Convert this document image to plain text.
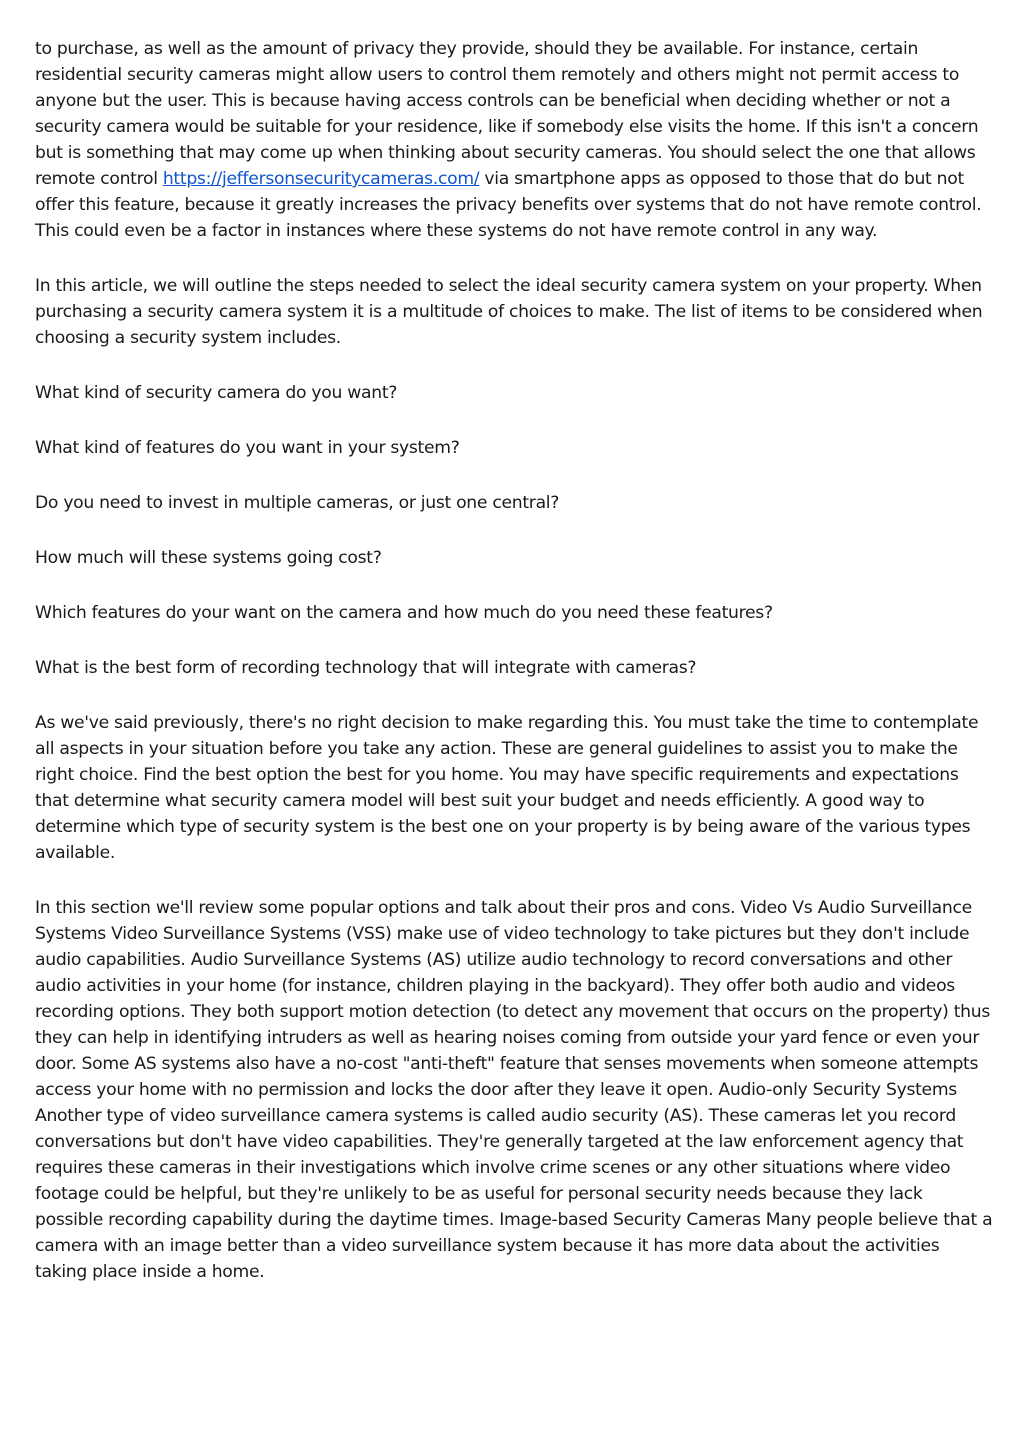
to purchase, as well as the amount of privacy they provide, should they be available. For instance, certain residential security cameras might allow users to control them remotely and others might not permit access to anyone but the user. This is because having access controls can be beneficial when deciding whether or not a security camera would be suitable for your residence, like if somebody else visits the home. If this isn't a concern but is something that may come up when thinking about security cameras. You should select the one that allows remote control https://jeffersonsecuritycameras.com/ via smartphone apps as opposed to those that do but not offer this feature, because it greatly increases the privacy benefits over systems that do not have remote control. This could even be a factor in instances where these systems do not have remote control in any way.

In this article, we will outline the steps needed to select the ideal security camera system on your property. When purchasing a security camera system it is a multitude of choices to make. The list of items to be considered when choosing a security system includes.

What kind of security camera do you want?

What kind of features do you want in your system?

Do you need to invest in multiple cameras, or just one central?

How much will these systems going cost?

Which features do your want on the camera and how much do you need these features?

What is the best form of recording technology that will integrate with cameras?

As we've said previously, there's no right decision to make regarding this. You must take the time to contemplate all aspects in your situation before you take any action. These are general guidelines to assist you to make the right choice. Find the best option the best for you home. You may have specific requirements and expectations that determine what security camera model will best suit your budget and needs efficiently. A good way to determine which type of security system is the best one on your property is by being aware of the various types available.

In this section we'll review some popular options and talk about their pros and cons. Video Vs Audio Surveillance Systems Video Surveillance Systems (VSS) make use of video technology to take pictures but they don't include audio capabilities. Audio Surveillance Systems (AS) utilize audio technology to record conversations and other audio activities in your home (for instance, children playing in the backyard). They offer both audio and videos recording options. They both support motion detection (to detect any movement that occurs on the property) thus they can help in identifying intruders as well as hearing noises coming from outside your yard fence or even your door. Some AS systems also have a no-cost "anti-theft" feature that senses movements when someone attempts access your home with no permission and locks the door after they leave it open. Audio-only Security Systems Another type of video surveillance camera systems is called audio security (AS). These cameras let you record conversations but don't have video capabilities. They're generally targeted at the law enforcement agency that requires these cameras in their investigations which involve crime scenes or any other situations where video footage could be helpful, but they're unlikely to be as useful for personal security needs because they lack possible recording capability during the daytime times. Image-based Security Cameras Many people believe that a camera with an image better than a video surveillance system because it has more data about the activities taking place inside a home.
